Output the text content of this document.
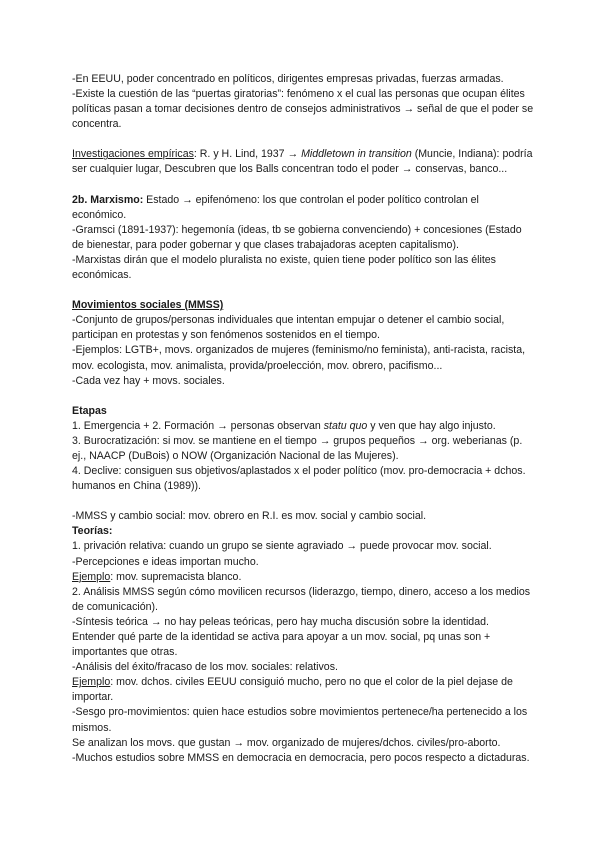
-En EEUU, poder concentrado en políticos, dirigentes empresas privadas, fuerzas armadas.

-Existe la cuestión de las “puertas giratorias”: fenómeno x el cual las personas que ocupan élites políticas pasan a tomar decisiones dentro de consejos administrativos → señal de que el poder se concentra.

Investigaciones empíricas: R. y H. Lind, 1937 → Middletown in transition (Muncie, Indiana): podría ser cualquier lugar, Descubren que los Balls concentran todo el poder → conservas, banco...

2b. Marxismo: Estado → epifenómeno: los que controlan el poder político controlan el económico.

-Gramsci (1891-1937): hegemonía (ideas, tb se gobierna convenciendo) + concesiones (Estado de bienestar, para poder gobernar y que clases trabajadoras acepten capitalismo).

-Marxistas dirán que el modelo pluralista no existe, quien tiene poder político son las élites económicas.

Movimientos sociales (MMSS)

-Conjunto de grupos/personas individuales que intentan empujar o detener el cambio social, participan en protestas y son fenómenos sostenidos en el tiempo.

-Ejemplos: LGTB+, movs. organizados de mujeres (feminismo/no feminista), anti-racista, racista, mov. ecologista, mov. animalista, provida/proelección, mov. obrero, pacifismo...

-Cada vez hay + movs. sociales.

Etapas

1. Emergencia + 2. Formación → personas observan statu quo y ven que hay algo injusto.

3. Burocratización: si mov. se mantiene en el tiempo → grupos pequeños → org. weberianas (p. ej., NAACP (DuBois) o NOW (Organización Nacional de las Mujeres).

4. Declive: consiguen sus objetivos/aplastados x el poder político (mov. pro-democracia + dchos. humanos en China (1989)).

-MMSS y cambio social: mov. obrero en R.I. es mov. social y cambio social.

Teorías:

1. privación relativa: cuando un grupo se siente agraviado → puede provocar mov. social.

-Percepciones e ideas importan mucho.

Ejemplo: mov. supremacista blanco.

2. Análisis MMSS según cómo movilicen recursos (liderazgo, tiempo, dinero, acceso a los medios de comunicación).

-Síntesis teórica → no hay peleas teóricas, pero hay mucha discusión sobre la identidad. Entender qué parte de la identidad se activa para apoyar a un mov. social, pq unas son + importantes que otras.

-Análisis del éxito/fracaso de los mov. sociales: relativos.

Ejemplo: mov. dchos. civiles EEUU consiguió mucho, pero no que el color de la piel dejase de importar.

-Sesgo pro-movimientos: quien hace estudios sobre movimientos pertenece/ha pertenecido a los mismos.

Se analizan los movs. que gustan → mov. organizado de mujeres/dchos. civiles/pro-aborto.

-Muchos estudios sobre MMSS en democracia en democracia, pero pocos respecto a dictaduras.
